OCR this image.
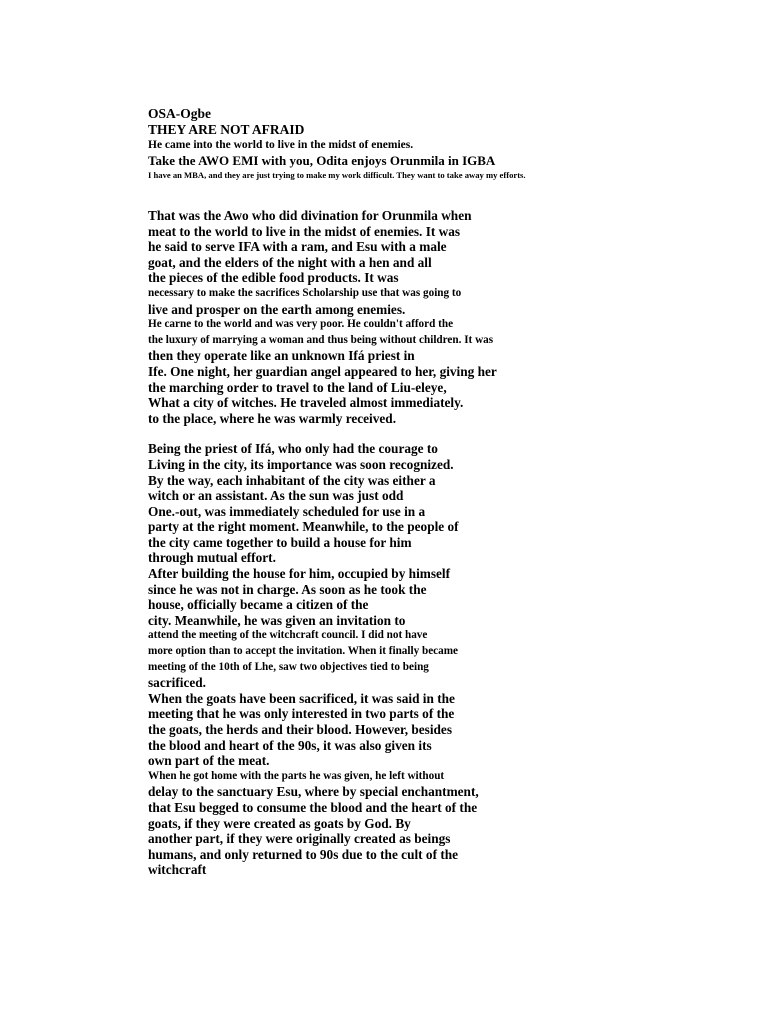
OSA-Ogbe
THEY ARE NOT AFRAID
He came into the world to live in the midst of enemies.
Take the AWO EMI with you, Odita enjoys Orunmila in IGBA
I have an MBA, and they are just trying to make my work difficult. They want to take away my efforts.
That was the Awo who did divination for Orunmila when
meat to the world to live in the midst of enemies. It was
he said to serve IFA with a ram, and Esu with a male
goat, and the elders of the night with a hen and all
the pieces of the edible food products. It was
necessary to make the sacrifices Scholarship use that was going to
live and prosper on the earth among enemies.
He carne to the world and was very poor. He couldn't afford the
the luxury of marrying a woman and thus being without children. It was
then they operate like an unknown Ifá priest in
Ife. One night, her guardian angel appeared to her, giving her
the marching order to travel to the land of Liu-eleye,
What a city of witches. He traveled almost immediately.
to the place, where he was warmly received.
Being the priest of Ifá, who only had the courage to
Living in the city, its importance was soon recognized.
By the way, each inhabitant of the city was either a
witch or an assistant. As the sun was just odd
One.-out, was immediately scheduled for use in a
party at the right moment. Meanwhile, to the people of
the city came together to build a house for him
through mutual effort.
After building the house for him, occupied by himself
since he was not in charge. As soon as he took the
house, officially became a citizen of the
city. Meanwhile, he was given an invitation to
attend the meeting of the witchcraft council. I did not have
more option than to accept the invitation. When it finally became
meeting of the 10th of Lhe, saw two objectives tied to being
sacrificed.
When the goats have been sacrificed, it was said in the
meeting that he was only interested in two parts of the
the goats, the herds and their blood. However, besides
the blood and heart of the 90s, it was also given its
own part of the meat.
When he got home with the parts he was given, he left without
delay to the sanctuary Esu, where by special enchantment,
that Esu begged to consume the blood and the heart of the
goats, if they were created as goats by God. By
another part, if they were originally created as beings
humans, and only returned to 90s due to the cult of the
witchcraft
